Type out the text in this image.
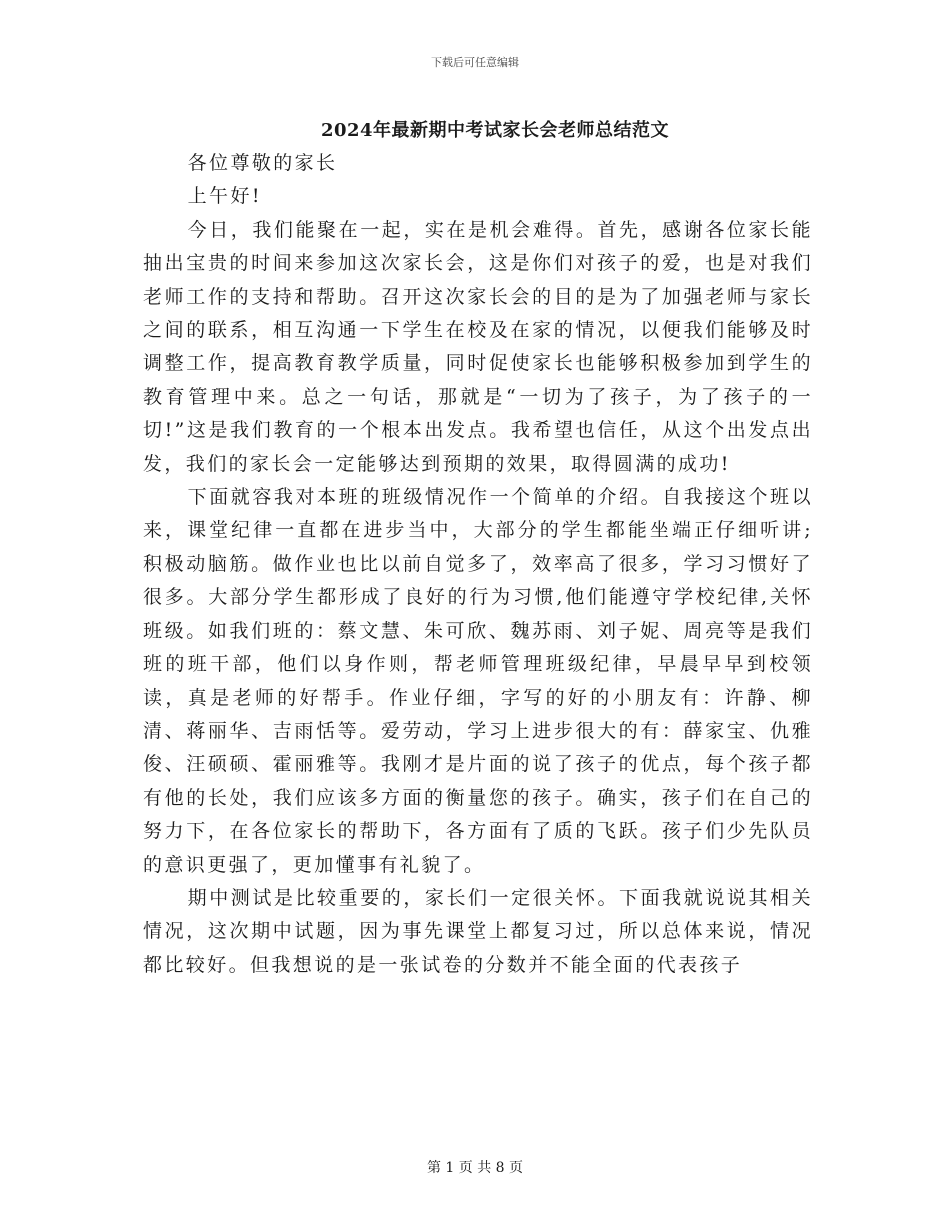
下载后可任意编辑
2024年最新期中考试家长会老师总结范文

各位尊敬的家长

上午好!

今日，我们能聚在一起，实在是机会难得。首先，感谢各位家长能抽出宝贵的时间来参加这次家长会，这是你们对孩子的爱，也是对我们老师工作的支持和帮助。召开这次家长会的目的是为了加强老师与家长之间的联系，相互沟通一下学生在校及在家的情况，以便我们能够及时调整工作，提高教育教学质量，同时促使家长也能够积极参加到学生的教育管理中来。总之一句话，那就是“一切为了孩子，为了孩子的一切!”这是我们教育的一个根本出发点。我希望也信任，从这个出发点出发，我们的家长会一定能够达到预期的效果，取得圆满的成功!

下面就容我对本班的班级情况作一个简单的介绍。自我接这个班以来，课堂纪律一直都在进步当中，大部分的学生都能坐端正仔细听讲;积极动脑筋。做作业也比以前自觉多了，效率高了很多，学习习惯好了很多。大部分学生都形成了良好的行为习惯,他们能遵守学校纪律,关怀班级。如我们班的：蔡文慧、朱可欣、魏苏雨、刘子妮、周亮等是我们班的班干部，他们以身作则，帮老师管理班级纪律，早晨早早到校领读，真是老师的好帮手。作业仔细，字写的好的小朋友有：许静、柳清、蒋丽华、吉雨恬等。爱劳动，学习上进步很大的有：薛家宝、仇雅俊、汪硕硕、霍丽雅等。我刚才是片面的说了孩子的优点，每个孩子都有他的长处，我们应该多方面的衡量您的孩子。确实，孩子们在自己的努力下，在各位家长的帮助下，各方面有了质的飞跃。孩子们少先队员的意识更强了，更加懂事有礼貌了。

期中测试是比较重要的，家长们一定很关怀。下面我就说说其相关情况，这次期中试题，因为事先课堂上都复习过，所以总体来说，情况都比较好。但我想说的是一张试卷的分数并不能全面的代表孩子

第 1 页 共 8 页
